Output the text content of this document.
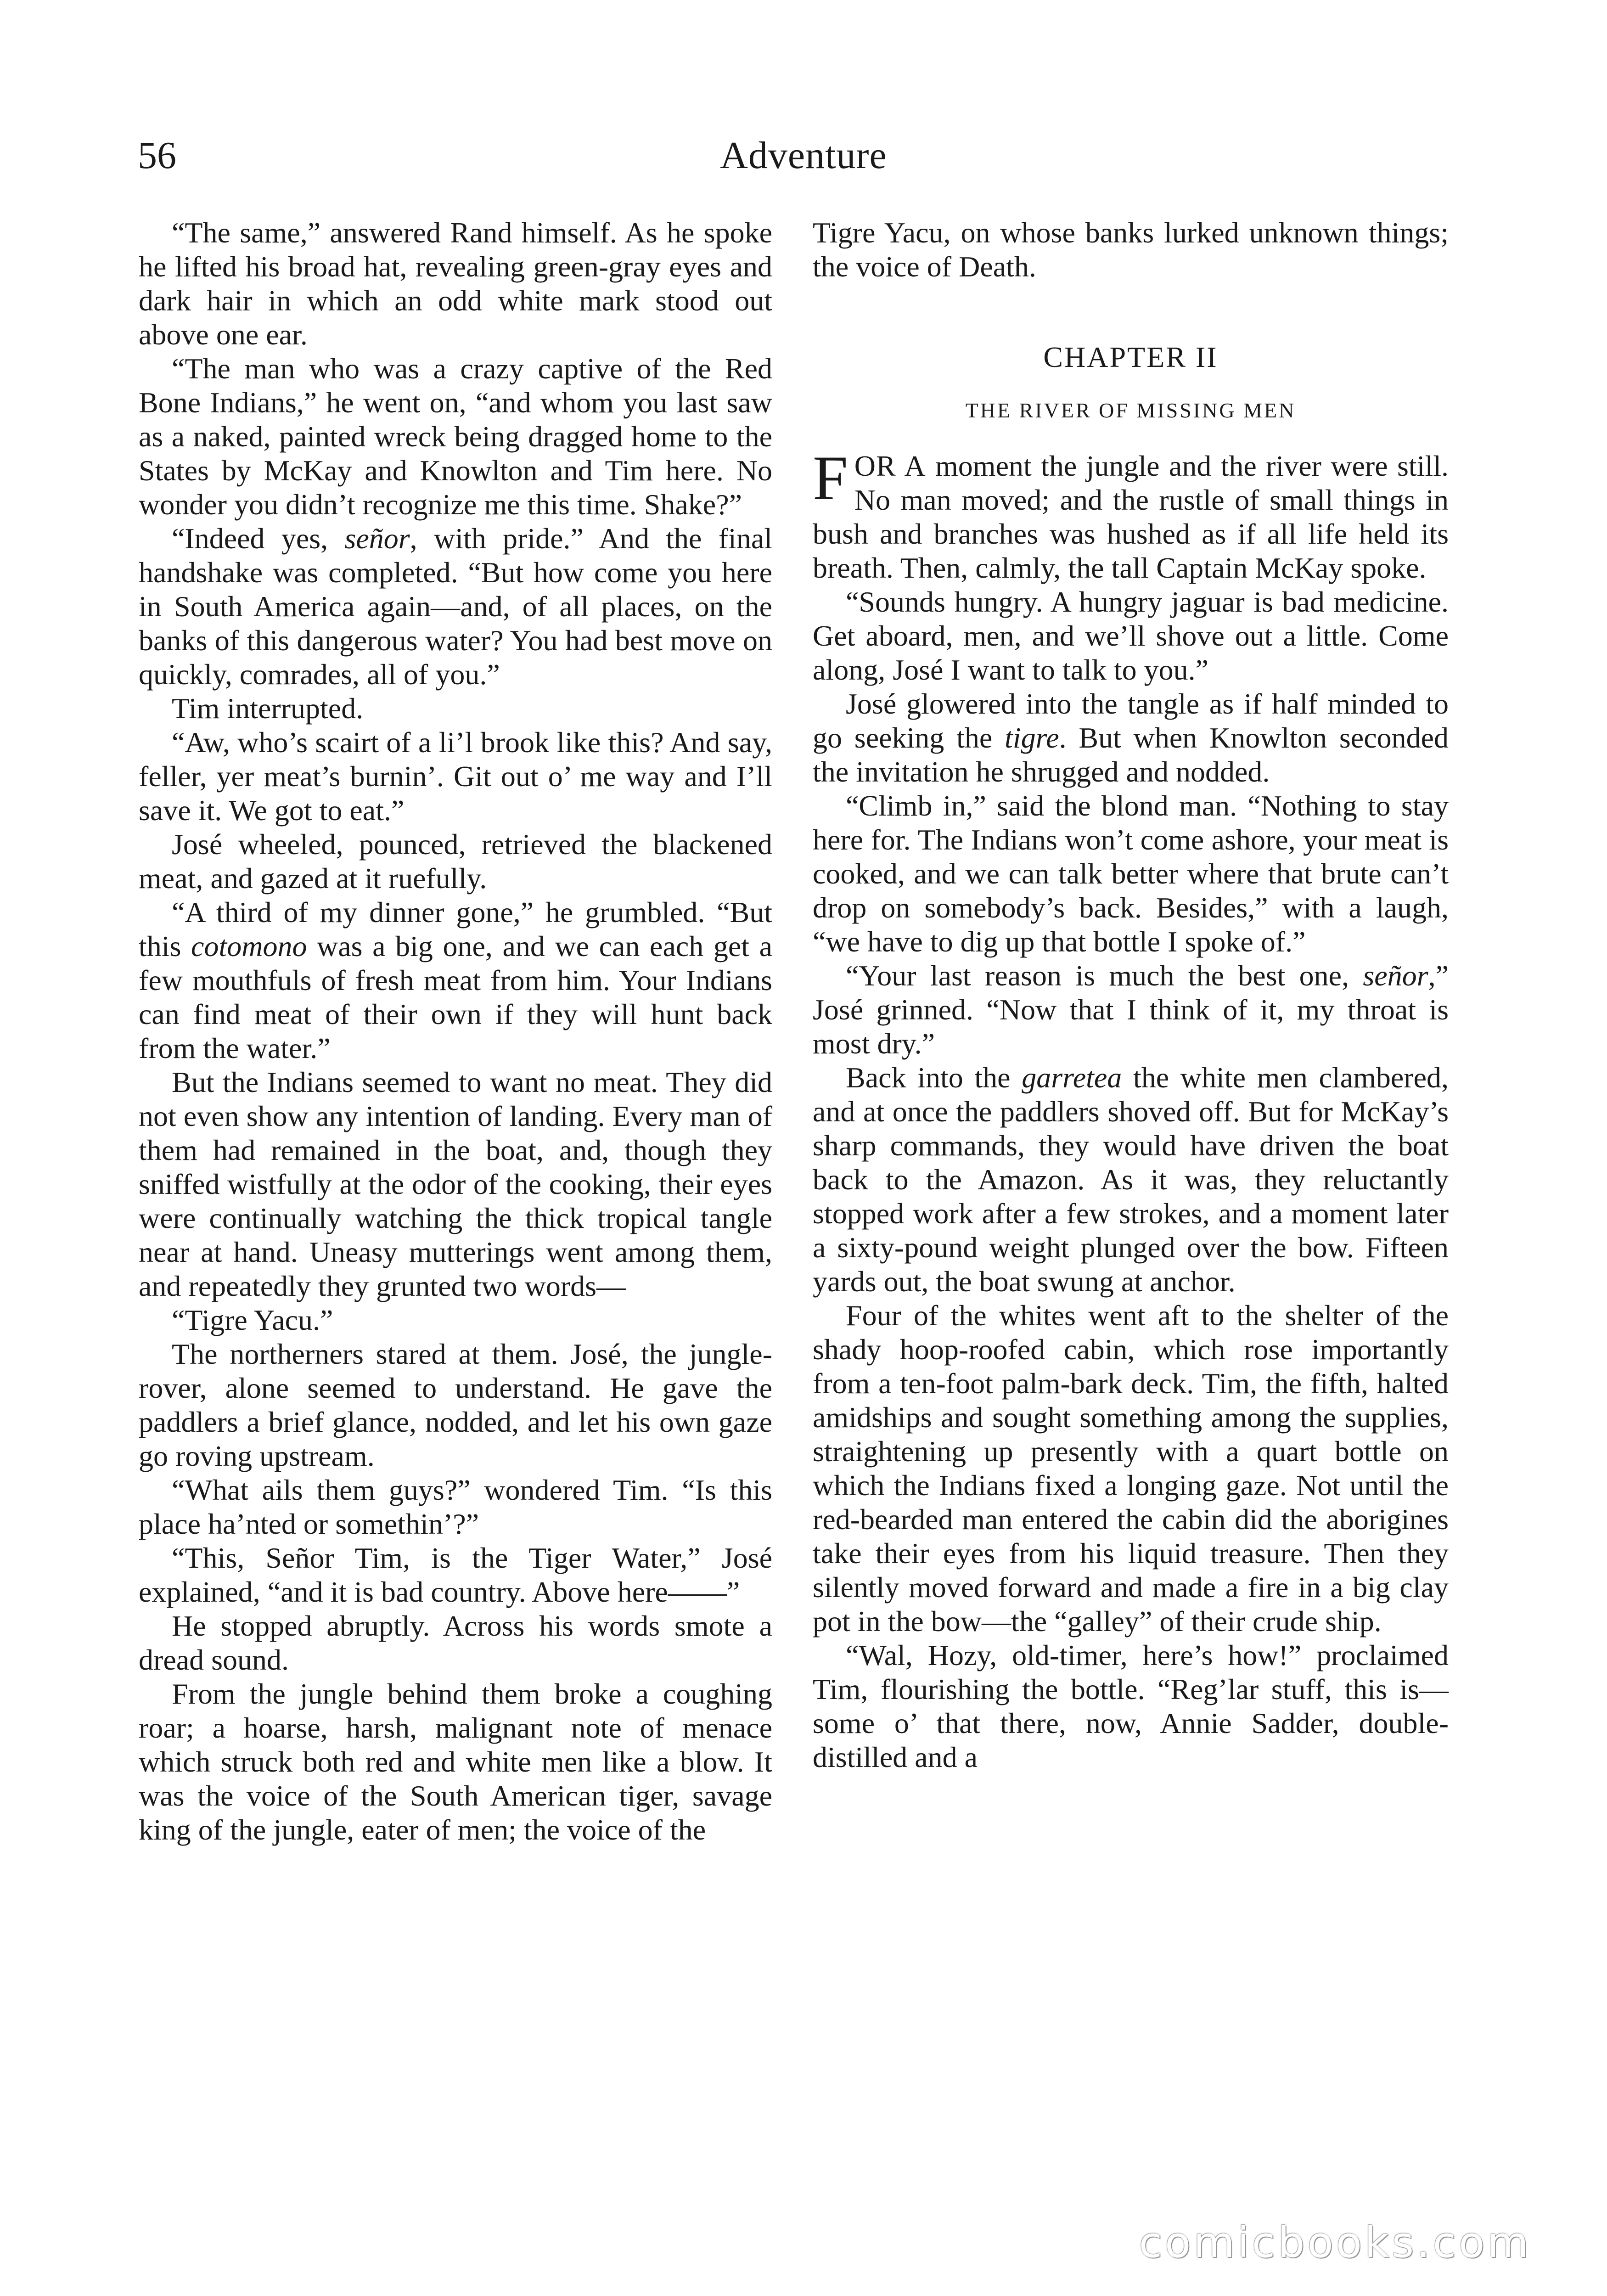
Adventure
56

“The same,” answered Rand himself. As he spoke he lifted his broad hat, revealing green-gray eyes and dark hair in which an odd white mark stood out above one ear.

“The man who was a crazy captive of the Red Bone Indians,” he went on, “and whom you last saw as a naked, painted wreck being dragged home to the States by McKay and Knowlton and Tim here. No wonder you didn’t recognize me this time. Shake?”

“Indeed yes, señor, with pride.” And the final handshake was completed. “But how come you here in South America again—and, of all places, on the banks of this dangerous water? You had best move on quickly, comrades, all of you.”

Tim interrupted.

“Aw, who’s scairt of a li’l brook like this? And say, feller, yer meat’s burnin’. Git out o’ me way and I’ll save it. We got to eat.”

José wheeled, pounced, retrieved the blackened meat, and gazed at it ruefully.

“A third of my dinner gone,” he grumbled. “But this cotomono was a big one, and we can each get a few mouthfuls of fresh meat from him. Your Indians can find meat of their own if they will hunt back from the water.”

But the Indians seemed to want no meat. They did not even show any intention of landing. Every man of them had remained in the boat, and, though they sniffed wistfully at the odor of the cooking, their eyes were continually watching the thick tropical tangle near at hand. Uneasy mutterings went among them, and repeatedly they grunted two words—

“Tigre Yacu.”

The northerners stared at them. José, the jungle-rover, alone seemed to understand. He gave the paddlers a brief glance, nodded, and let his own gaze go roving upstream.

“What ails them guys?” wondered Tim. “Is this place ha’nted or somethin’?”

“This, Señor Tim, is the Tiger Water,” José explained, “and it is bad country. Above here——”

He stopped abruptly. Across his words smote a dread sound.

From the jungle behind them broke a coughing roar; a hoarse, harsh, malignant note of menace which struck both red and white men like a blow. It was the voice of the South American tiger, savage king of the jungle, eater of men; the voice of the

Tigre Yacu, on whose banks lurked unknown things; the voice of Death.

CHAPTER II
THE RIVER OF MISSING MEN

FOR A moment the jungle and the river were still. No man moved; and the rustle of small things in bush and branches was hushed as if all life held its breath. Then, calmly, the tall Captain McKay spoke.

“Sounds hungry. A hungry jaguar is bad medicine. Get aboard, men, and we’ll shove out a little. Come along, José I want to talk to you.”

José glowered into the tangle as if half minded to go seeking the tigre. But when Knowlton seconded the invitation he shrugged and nodded.

“Climb in,” said the blond man. “Nothing to stay here for. The Indians won’t come ashore, your meat is cooked, and we can talk better where that brute can’t drop on somebody’s back. Besides,” with a laugh, “we have to dig up that bottle I spoke of.”

“Your last reason is much the best one, señor,” José grinned. “Now that I think of it, my throat is most dry.”

Back into the garretea the white men clambered, and at once the paddlers shoved off. But for McKay’s sharp commands, they would have driven the boat back to the Amazon. As it was, they reluctantly stopped work after a few strokes, and a moment later a sixty-pound weight plunged over the bow. Fifteen yards out, the boat swung at anchor.

Four of the whites went aft to the shelter of the shady hoop-roofed cabin, which rose importantly from a ten-foot palm-bark deck. Tim, the fifth, halted amidships and sought something among the supplies, straightening up presently with a quart bottle on which the Indians fixed a longing gaze. Not until the red-bearded man entered the cabin did the aborigines take their eyes from his liquid treasure. Then they silently moved forward and made a fire in a big clay pot in the bow—the “galley” of their crude ship.

“Wal, Hozy, old-timer, here’s how!” proclaimed Tim, flourishing the bottle. “Reg’lar stuff, this is—some o’ that there, now, Annie Sadder, double-distilled and a

comicbooks.com
